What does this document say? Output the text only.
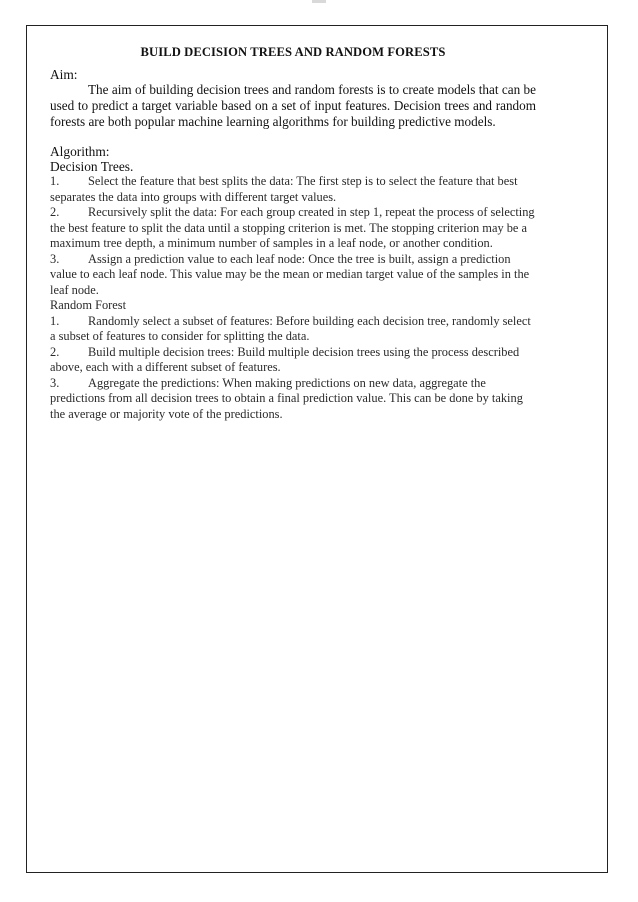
BUILD DECISION TREES AND RANDOM FORESTS

Aim:

The aim of building decision trees and random forests is to create models that can be used to predict a target variable based on a set of input features. Decision trees and random forests are both popular machine learning algorithms for building predictive models.

Algorithm:

Decision Trees.

1. Select the feature that best splits the data: The first step is to select the feature that best separates the data into groups with different target values.

2. Recursively split the data: For each group created in step 1, repeat the process of selecting the best feature to split the data until a stopping criterion is met. The stopping criterion may be a maximum tree depth, a minimum number of samples in a leaf node, or another condition.

3. Assign a prediction value to each leaf node: Once the tree is built, assign a prediction value to each leaf node. This value may be the mean or median target value of the samples in the leaf node.

Random Forest

1. Randomly select a subset of features: Before building each decision tree, randomly select a subset of features to consider for splitting the data.

2. Build multiple decision trees: Build multiple decision trees using the process described above, each with a different subset of features.

3. Aggregate the predictions: When making predictions on new data, aggregate the predictions from all decision trees to obtain a final prediction value. This can be done by taking the average or majority vote of the predictions.
